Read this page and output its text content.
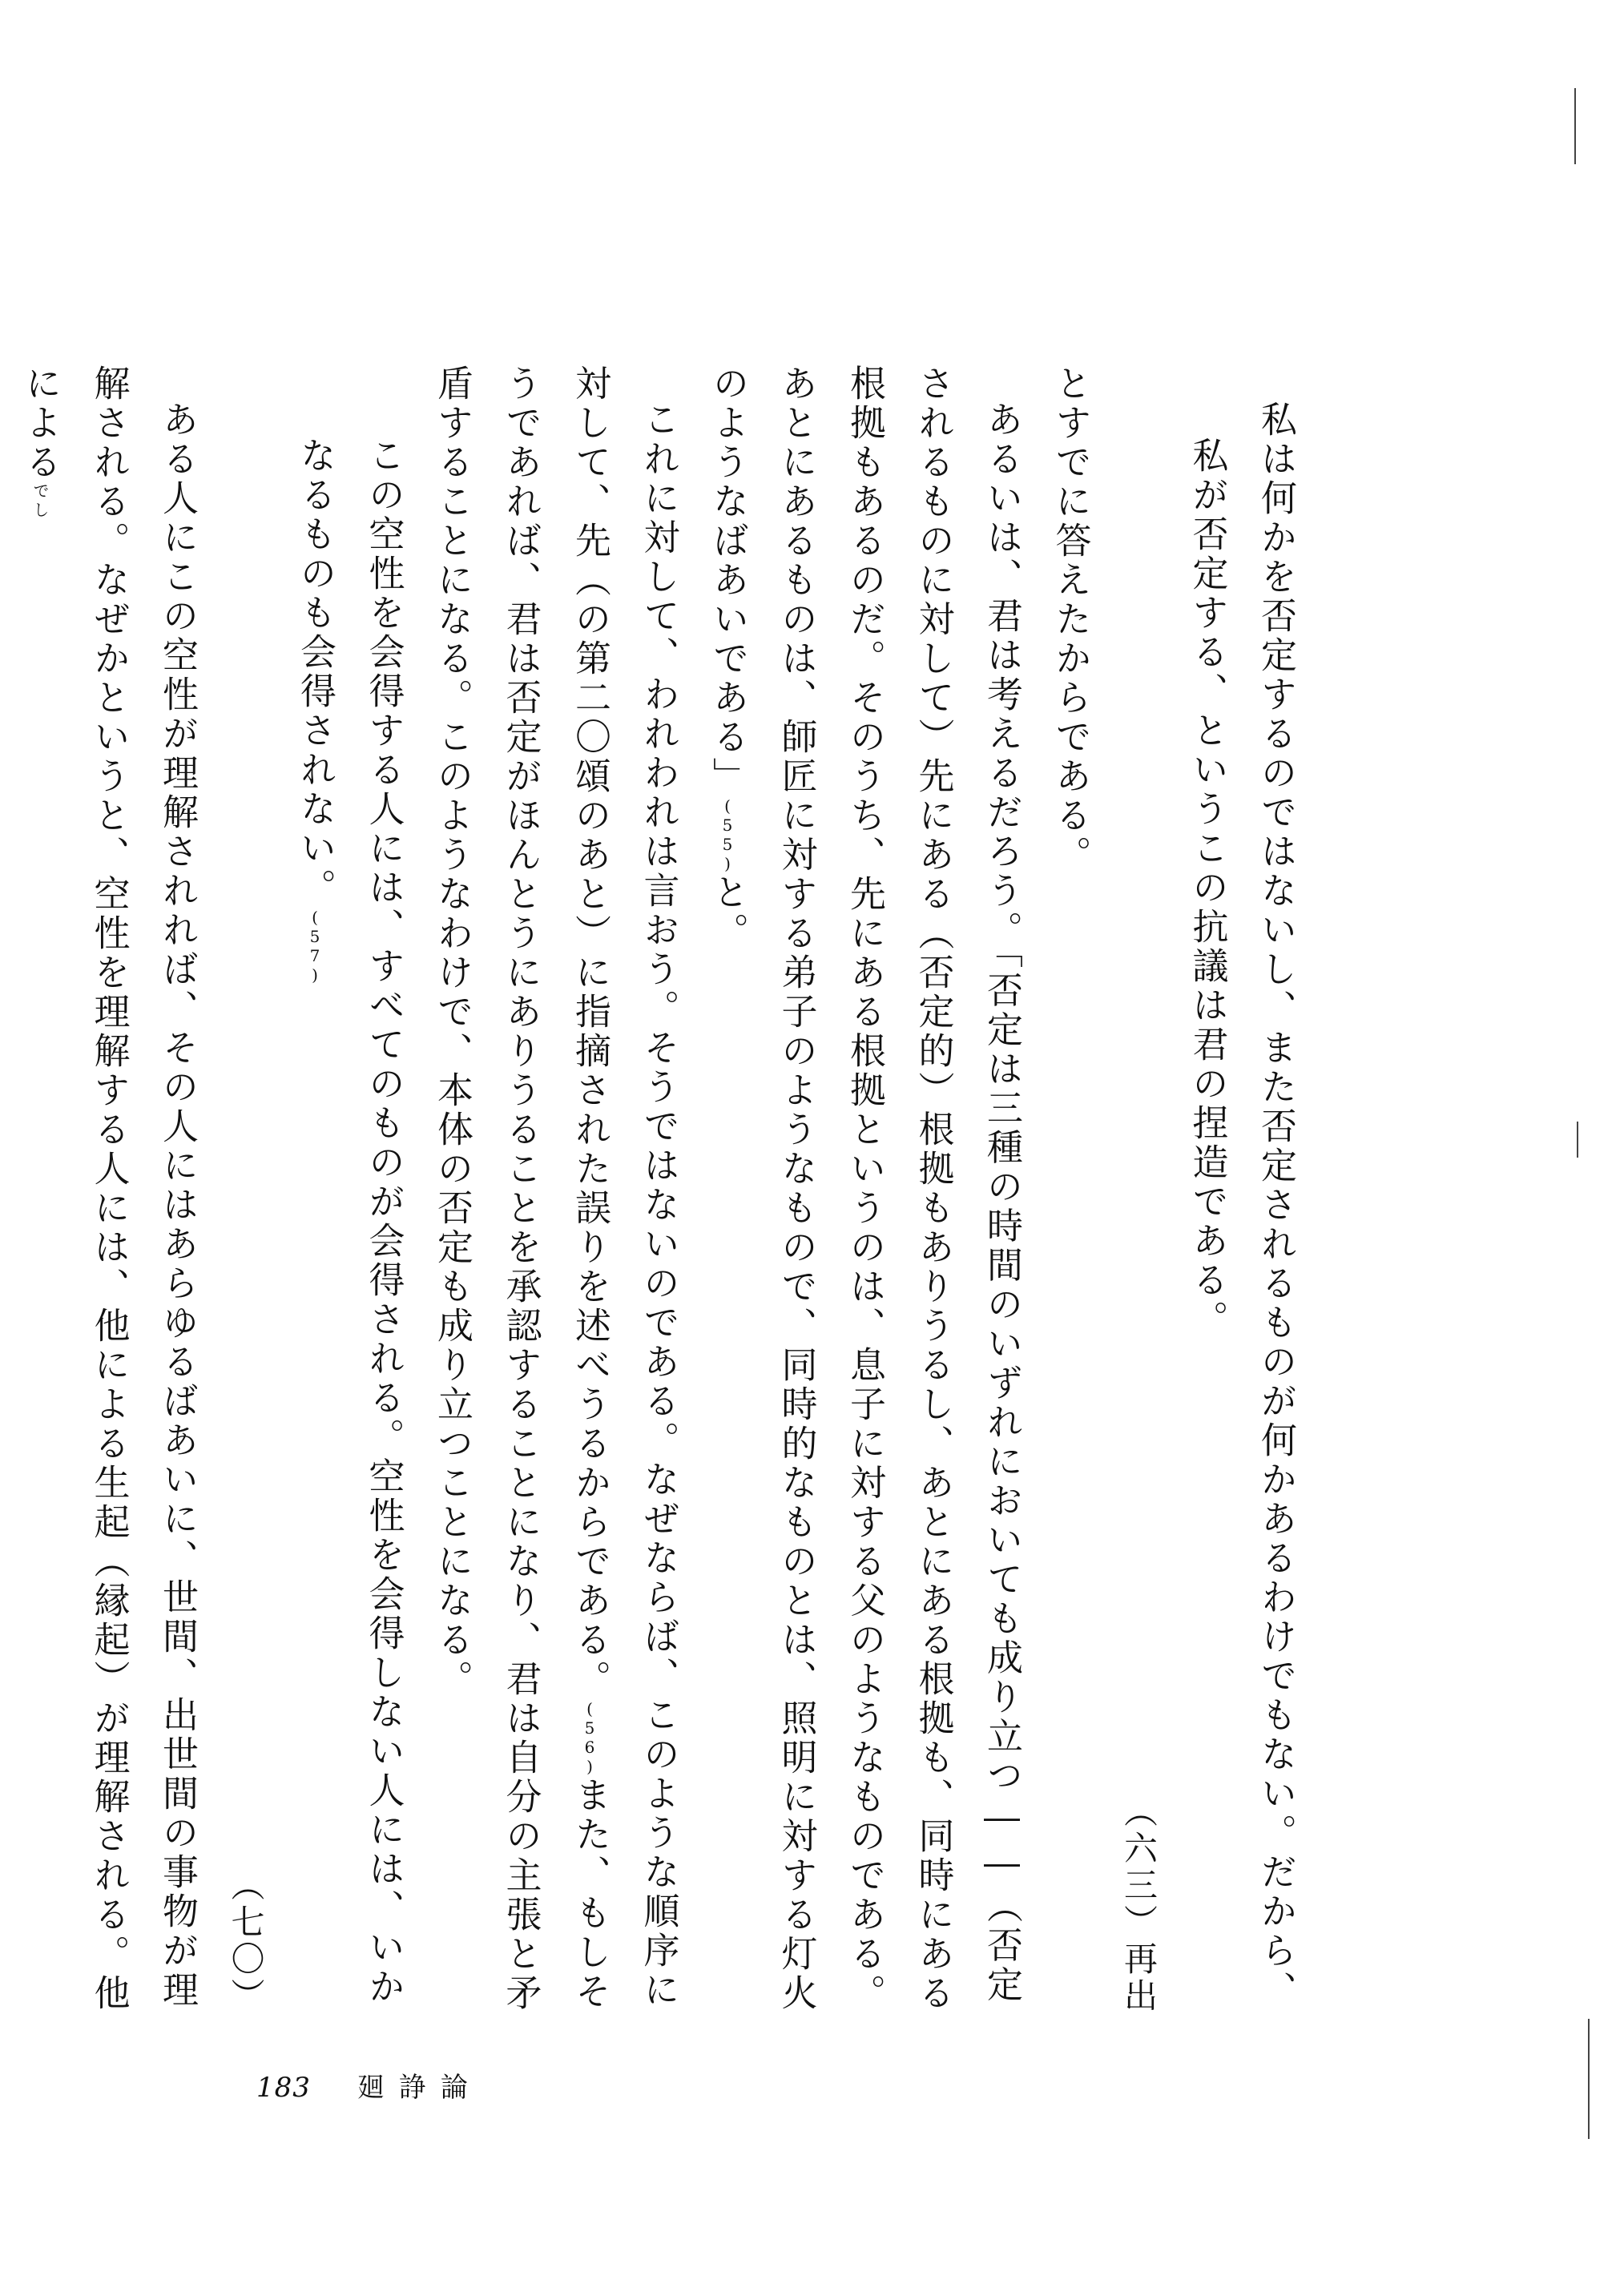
私は何かを否定するのではないし、また否定されるものが何かあるわけでもない。だから、

私が否定する、というこの抗議は君の捏造である。
（六三）再出

とすでに答えたからである。

あるいは、君は考えるだろう。「否定は三種の時間のいずれにおいても成り立つ――（否定されるものに対して）先にある（否定的）根拠もありうるし、あとにある根拠も、同時にある根拠もあるのだ。そのうち、先にある根拠というのは、息子に対する父のようなものである。あとにあるものは、師匠に対する弟子のようなもので、同時的なものとは、照明に対する灯火のようなばあいである」(55)と。

これに対して、われわれは言おう。そうではないのである。なぜならば、このような順序に対して、先（の第二〇頌のあと）に指摘された誤りを述べうるからである。(56)また、もしそうであれば、君は否定がほんとうにありうることを承認することになり、君は自分の主張と矛盾することになる。このようなわけで、本体の否定も成り立つことになる。

この空性を会得する人には、すべてのものが会得される。空性を会得しない人には、いかなるものも会得されない。(57)
（七〇）

ある人にこの空性が理解されれば、その人にはあらゆるばあいに、世間、出世間の事物が理解される。なぜかというと、空性を理解する人には、他による生起（縁起）が理解される。他によるでし

183 廻諍論
